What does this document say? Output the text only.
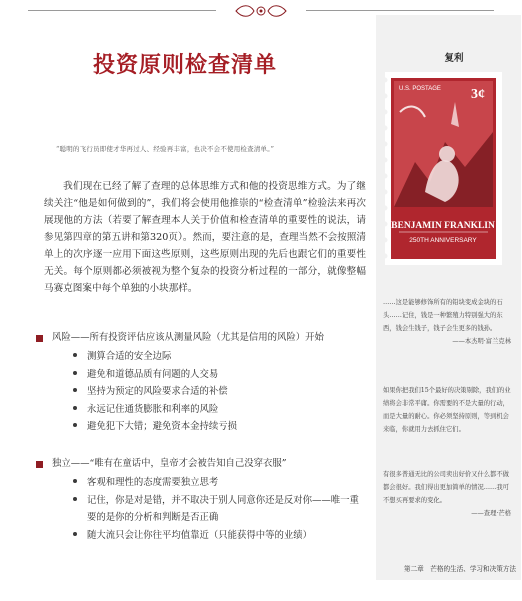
投资原则检查清单
“聪明的飞行员即使才华再过人、经验再丰富，也决不会不使用检查清单。”
我们现在已经了解了查理的总体思维方式和他的投资思维方式。为了继续关注“他是如何做到的”，我们将会使用他推崇的“检查清单”检验法来再次展现他的方法（若要了解查理本人关于价值和检查清单的重要性的说法，请参见第四章的第五讲和第320页）。然而，要注意的是，查理当然不会按照清单上的次序逐一应用下面这些原则，这些原则出现的先后也跟它们的重要性无关。每个原则都必须被视为整个复杂的投资分析过程的一部分，就像整幅马赛克图案中每个单独的小块那样。
风险——所有投资评估应该从测量风险（尤其是信用的风险）开始
测算合适的安全边际
避免和道德品质有问题的人交易
坚持为预定的风险要求合适的补偿
永远记住通货膨胀和利率的风险
避免犯下大错；避免资本金持续亏损
独立——“唯有在童话中，皇帝才会被告知自己没穿衣服”
客观和理性的态度需要独立思考
记住，你是对是错，并不取决于别人同意你还是反对你——唯一重要的是你的分析和判断是否正确
随大流只会让你往平均值靠近（只能获得中等的业绩）
复利
U.S. POSTAGE 3¢
BENJAMIN FRANKLIN
250TH ANNIVERSARY
……这是能够修饰所有的铅块变成金块的石头……记住，钱是一种繁殖力特别强大的东西，钱会生钱子，钱子会生更多的钱孙。
——本杰明·富兰克林
如果你把我们15个最好的决策剔除，我们的业绩将会非常平庸。你需要的不是大量的行动，而是大量的耐心。你必须坚持原则，等到机会来临，你就用力去抓住它们。
有很多普通无比的公司卖出好价又什么都不做都会很好。我们得出更加简单的情况……我可不想买再要求的变化。
——查理·芒格
第二章　芒格的生活、学习和决策方法
